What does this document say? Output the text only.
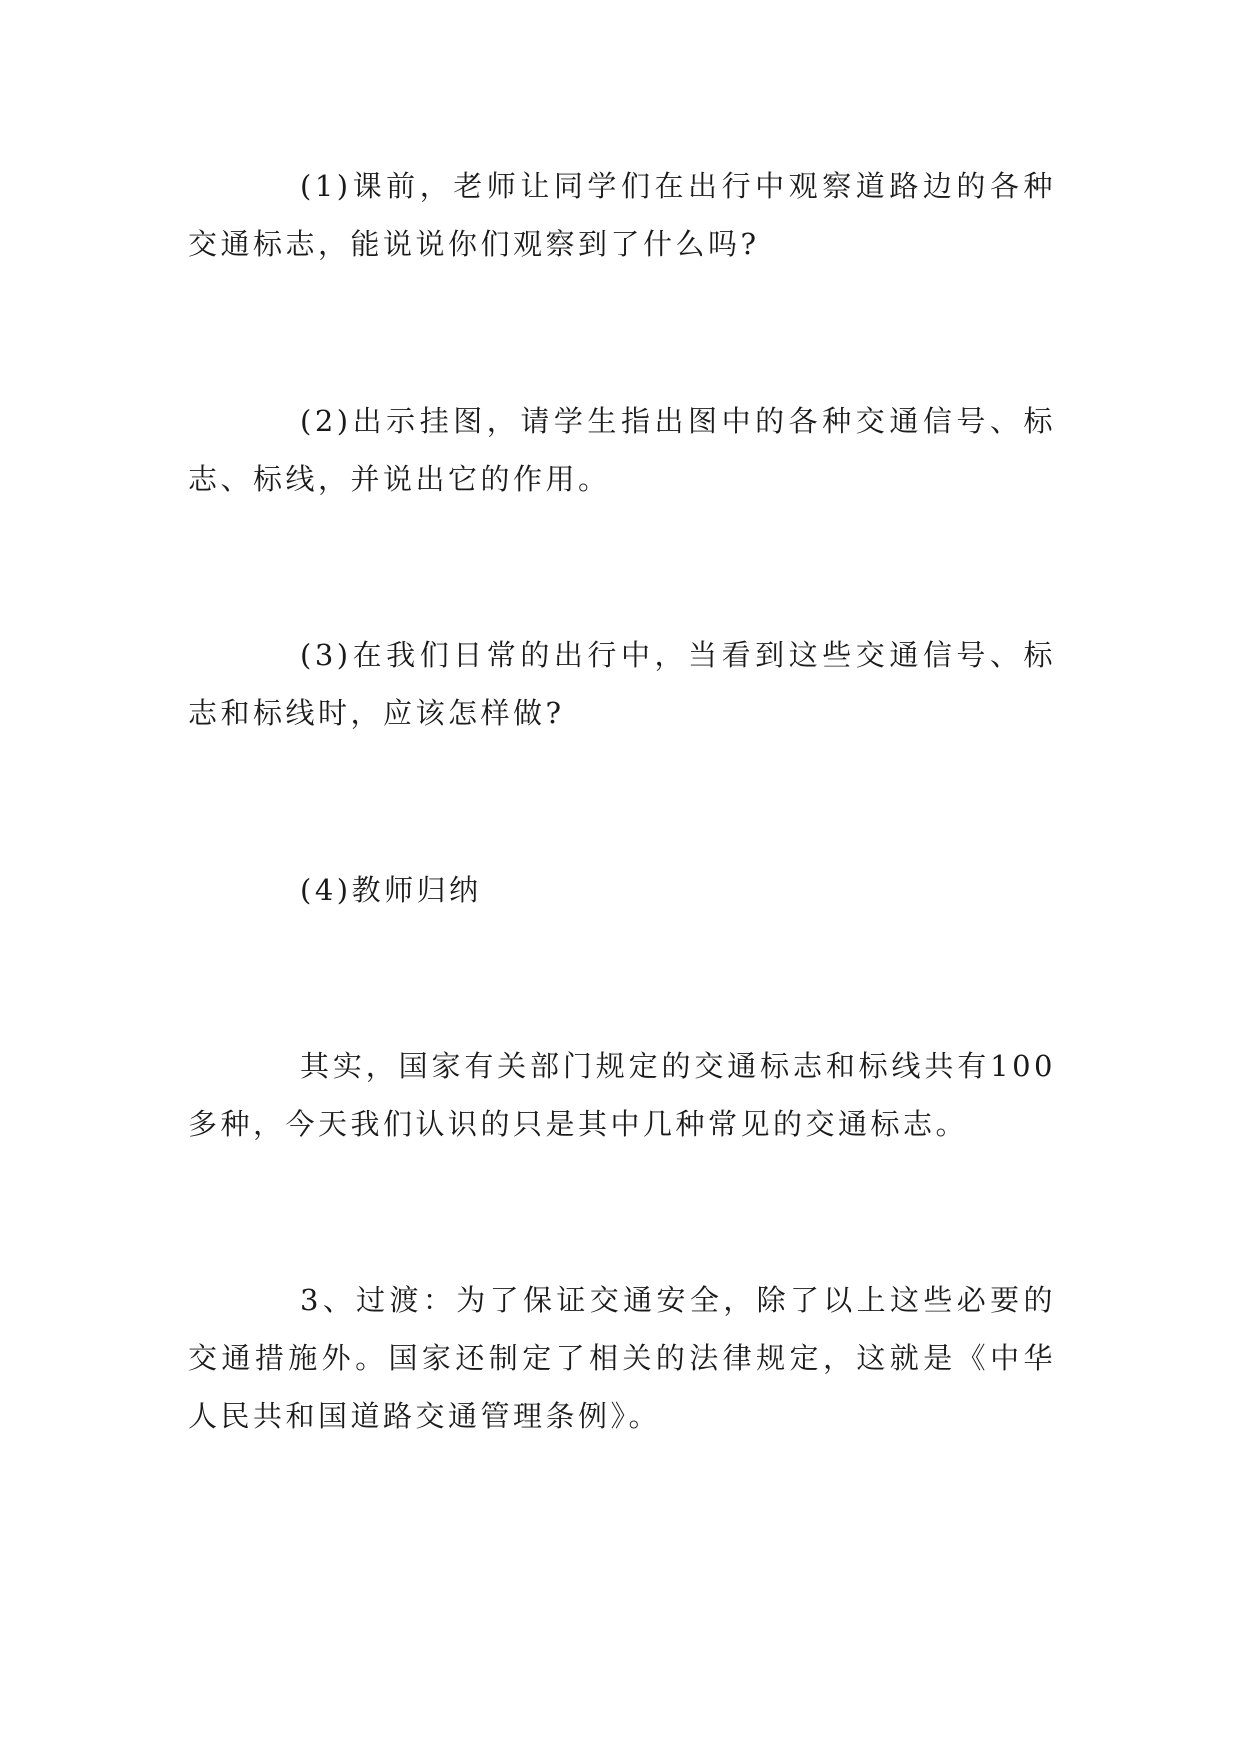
(1)课前，老师让同学们在出行中观察道路边的各种交通标志，能说说你们观察到了什么吗?

(2)出示挂图，请学生指出图中的各种交通信号、标志、标线，并说出它的作用。

(3)在我们日常的出行中，当看到这些交通信号、标志和标线时，应该怎样做?

(4)教师归纳

其实，国家有关部门规定的交通标志和标线共有100多种，今天我们认识的只是其中几种常见的交通标志。

3、过渡：为了保证交通安全，除了以上这些必要的交通措施外。国家还制定了相关的法律规定，这就是《中华人民共和国道路交通管理条例》。
